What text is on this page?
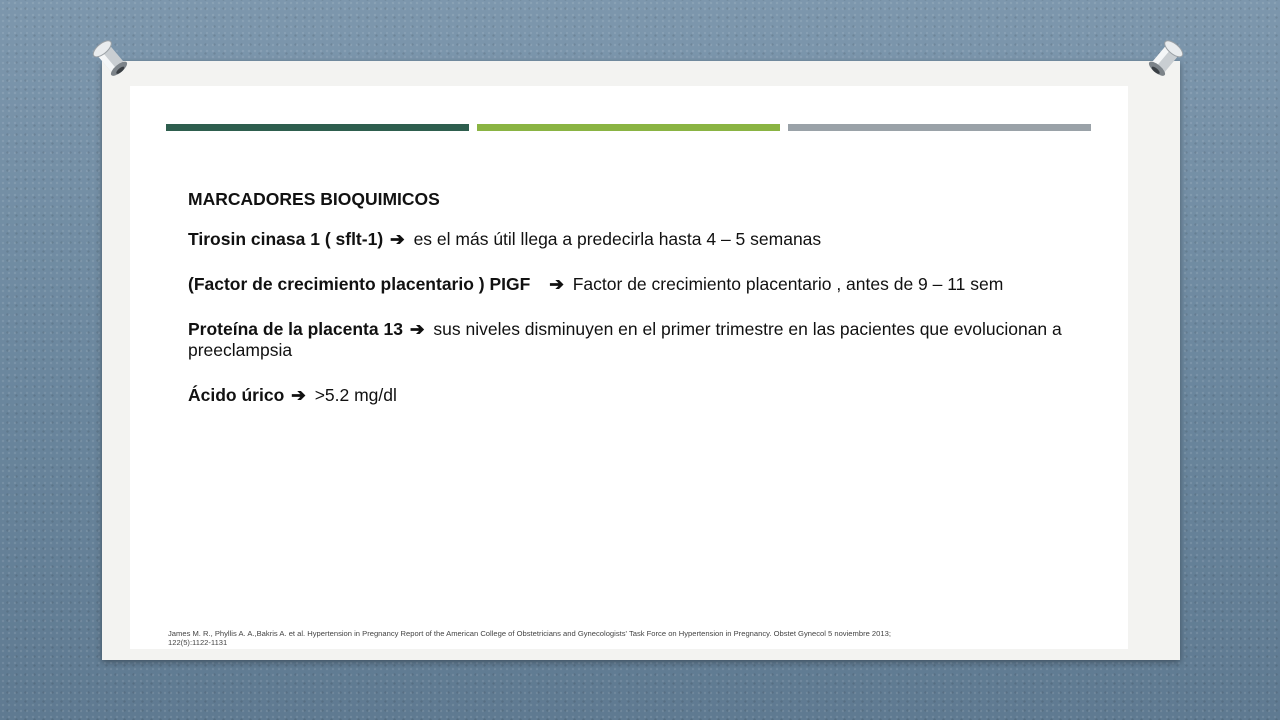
MARCADORES BIOQUIMICOS
Tirosin cinasa 1 ( sflt-1) ➔ es el más útil llega a predecirla hasta 4 – 5 semanas
(Factor de crecimiento placentario ) PIGF ➔ Factor de crecimiento placentario , antes de 9 – 11 sem
Proteína de la placenta 13 ➔ sus niveles disminuyen en el primer trimestre en las pacientes que evolucionan a preeclampsia
Ácido úrico ➔ >5.2 mg/dl
James M. R., Phyllis A. A.,Bakris A. et al. Hypertension in Pregnancy Report of the American College of Obstetricians and Gynecologists' Task Force on Hypertension in Pregnancy. Obstet Gynecol 5 noviembre 2013;
122(5):1122-1131
